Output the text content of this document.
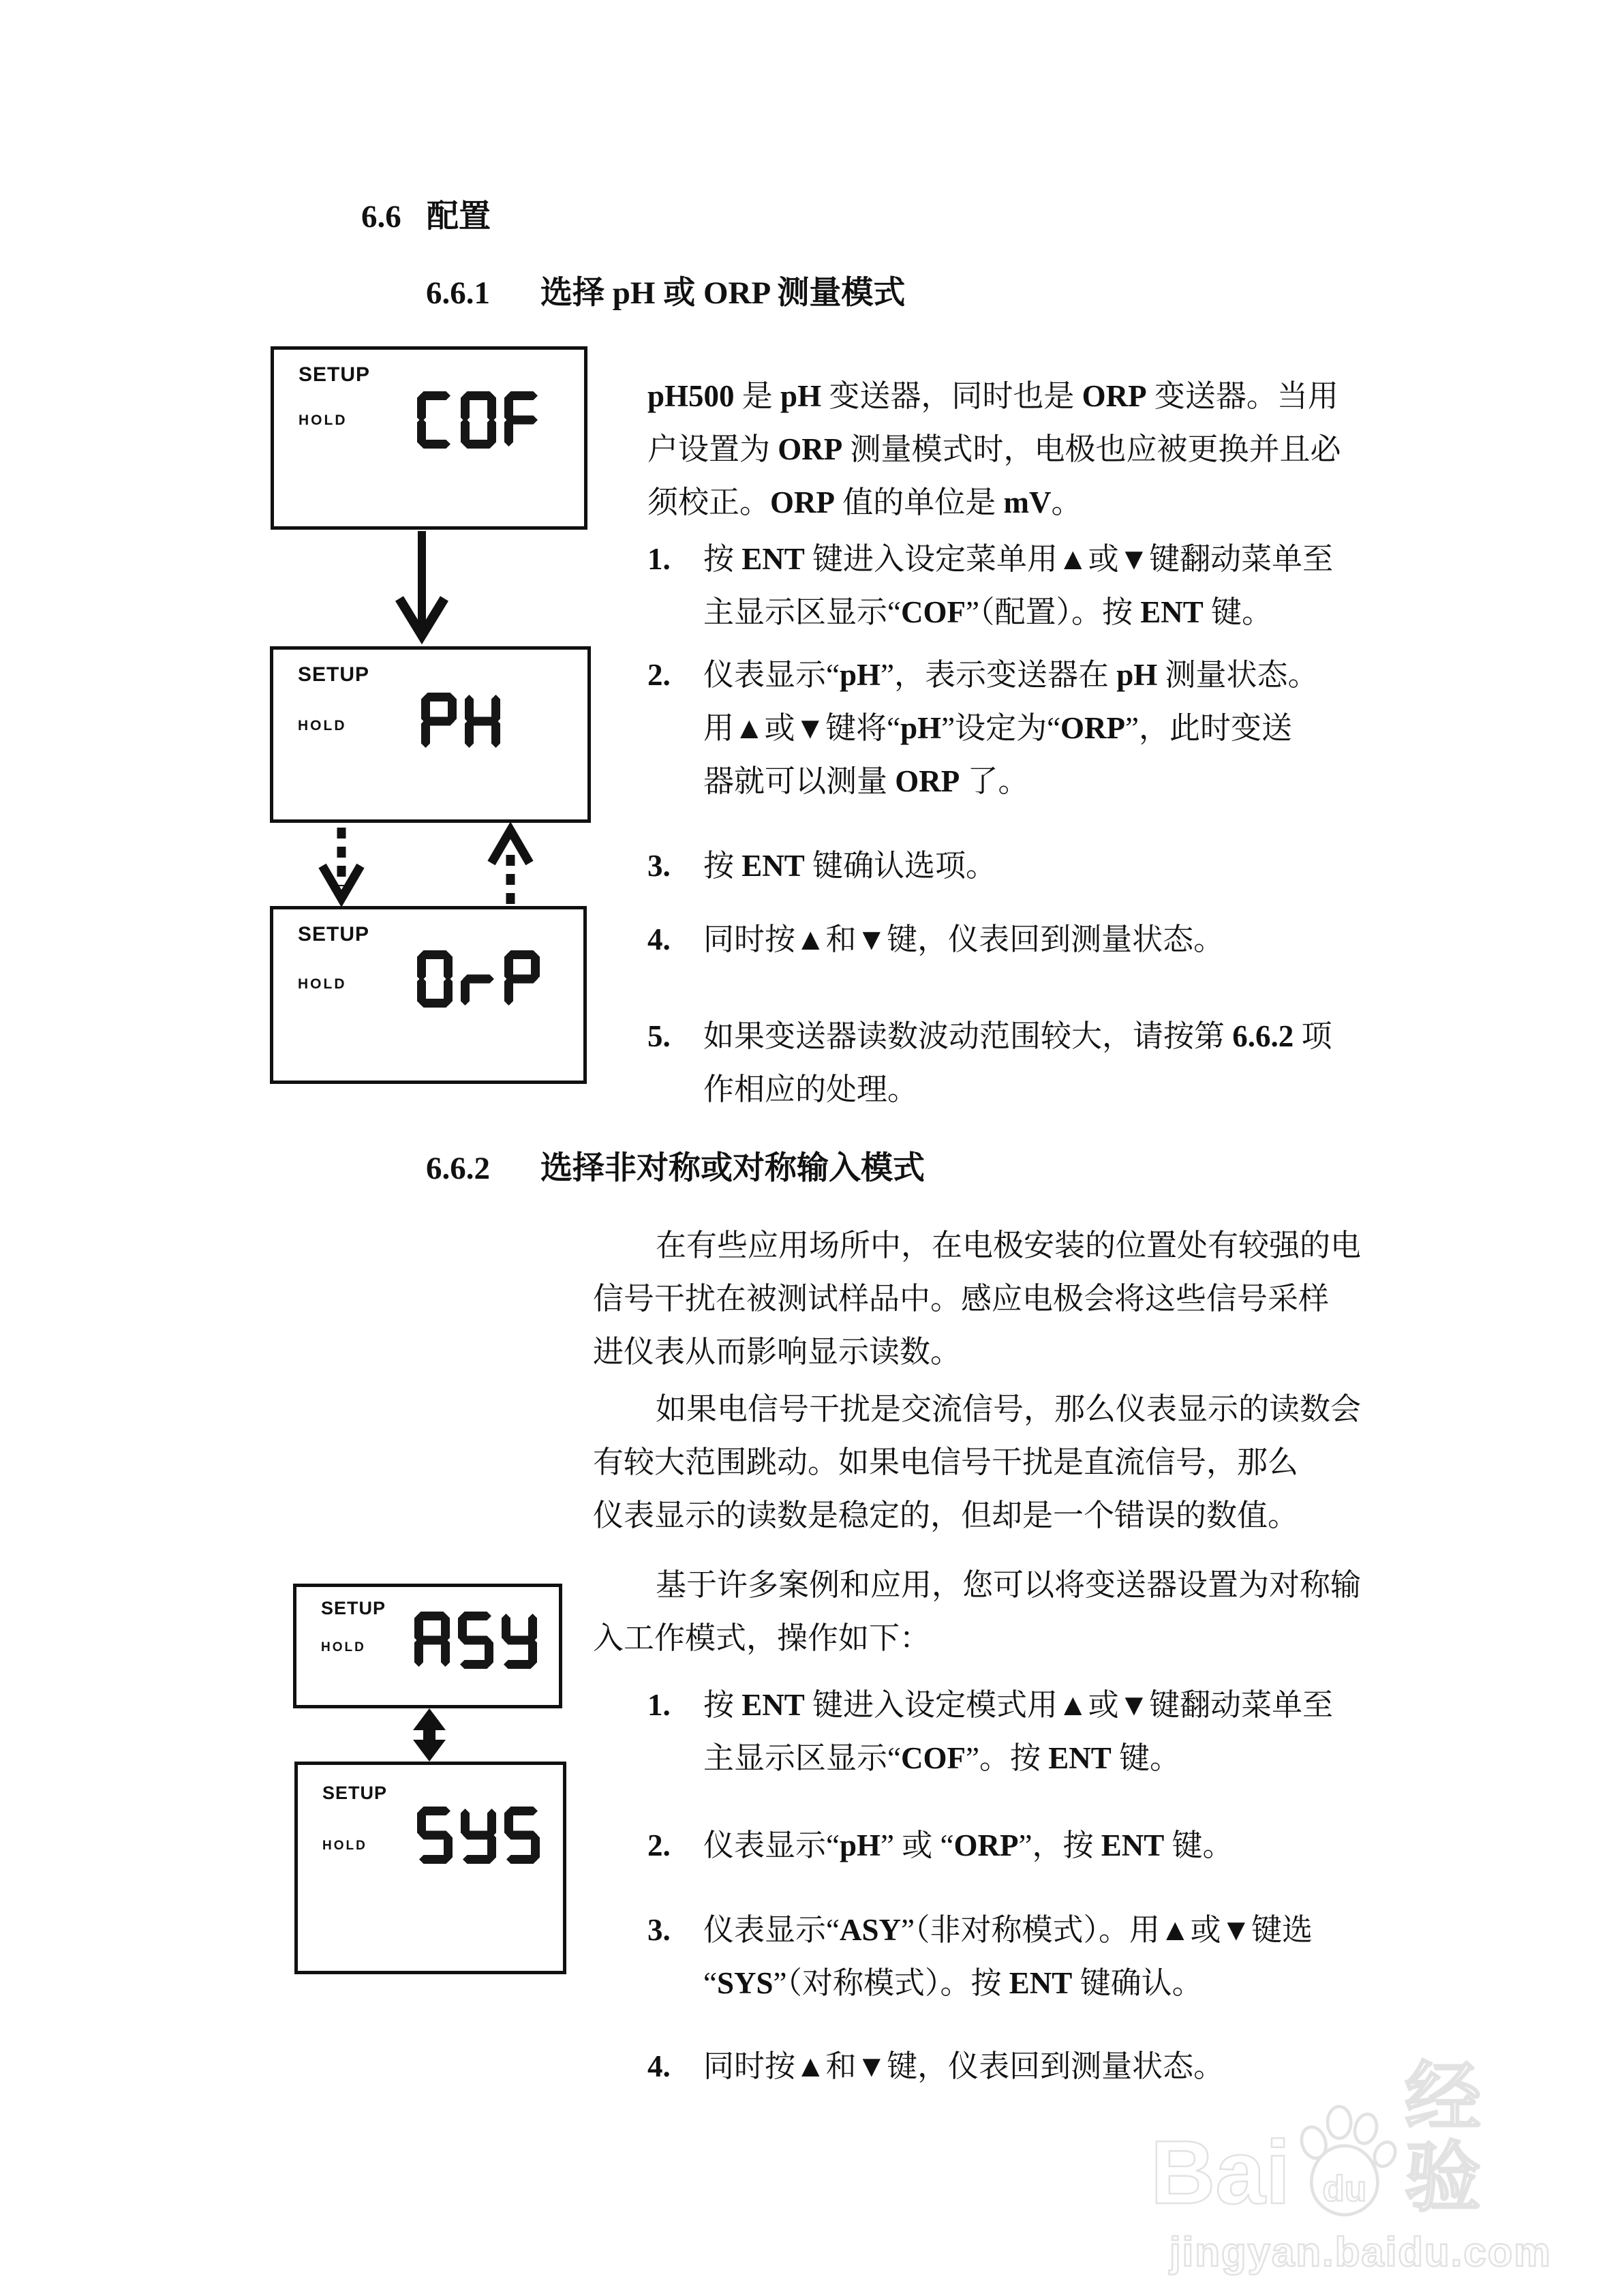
Bai du
经验
jingyan.baidu.com
6.6 配置
6.6.1 选择 pH 或 ORP 测量模式
6.6.2 选择非对称或对称输入模式
SETUP
HOLD
SETUP
HOLD
SETUP
HOLD
SETUP
HOLD
SETUP
HOLD
pH500 是 pH 变送器，同时也是 ORP 变送器。当用
户设置为 ORP 测量模式时，电极也应被更换并且必
须校正。ORP 值的单位是 mV。
1.	按 ENT 键进入设定菜单用▲或▼键翻动菜单至
主显示区显示“COF”（配置）。按 ENT 键。
2.	仪表显示“pH”，表示变送器在 pH 测量状态。
用▲或▼键将“pH”设定为“ORP”，此时变送
器就可以测量 ORP 了。
3.	按 ENT 键确认选项。
4.	同时按▲和▼键，仪表回到测量状态。
5.	如果变送器读数波动范围较大，请按第 6.6.2 项
作相应的处理。
在有些应用场所中，在电极安装的位置处有较强的电
信号干扰在被测试样品中。感应电极会将这些信号采样
进仪表从而影响显示读数。
如果电信号干扰是交流信号，那么仪表显示的读数会
有较大范围跳动。如果电信号干扰是直流信号，那么
仪表显示的读数是稳定的，但却是一个错误的数值。
基于许多案例和应用，您可以将变送器设置为对称输
入工作模式，操作如下：
1.	按 ENT 键进入设定模式用▲或▼键翻动菜单至
主显示区显示“COF”。按 ENT 键。
2.	仪表显示“pH” 或 “ORP”，按 ENT 键。
3.	仪表显示“ASY”（非对称模式）。用▲或▼键选
“SYS”（对称模式）。按 ENT 键确认。
4.	同时按▲和▼键，仪表回到测量状态。
